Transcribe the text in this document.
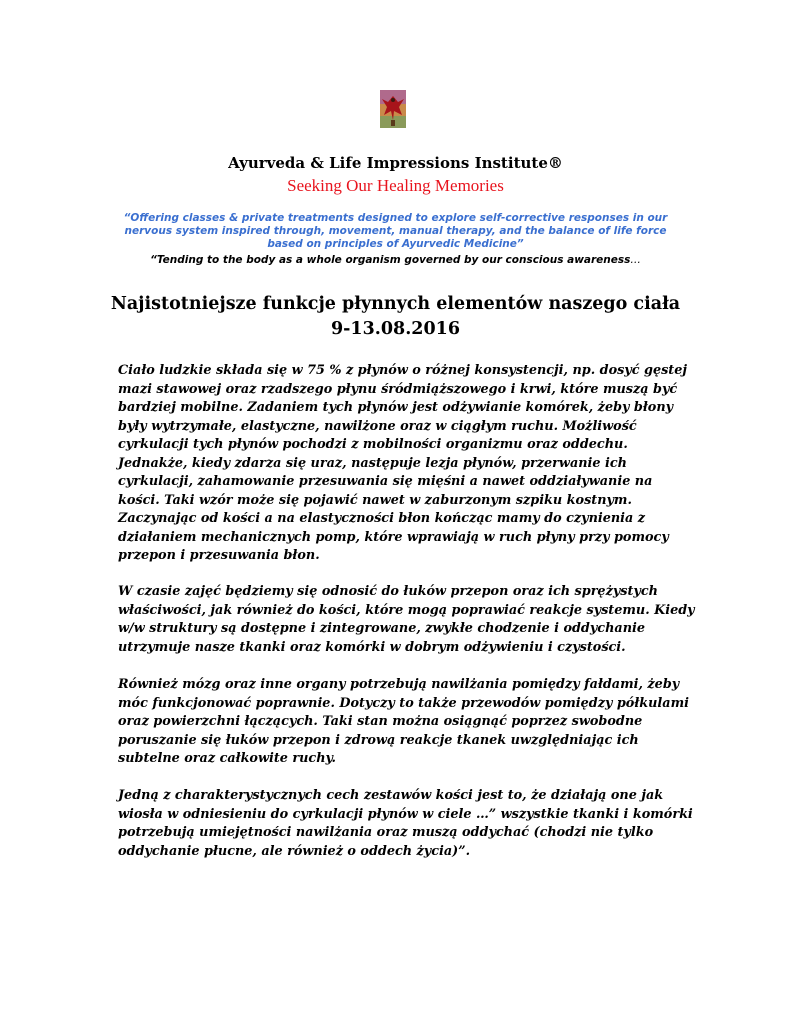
Ayurveda & Life Impressions Institute®
Seeking Our Healing Memories
“Offering classes & private treatments designed to explore self-corrective responses in our
nervous system inspired through, movement, manual therapy, and the balance of life force
based on principles of Ayurvedic Medicine”
“Tending to the body as a whole organism governed by our conscious awareness…
Najistotniejsze funkcje płynnych elementów naszego ciała
9-13.08.2016
Ciało ludzkie składa się w 75 % z płynów o różnej konsystencji, np. dosyć gęstej
mazi stawowej oraz rzadszego płynu śródmiąższowego i krwi, które muszą być
bardziej mobilne. Zadaniem tych płynów jest odżywianie komórek, żeby błony
były wytrzymałe, elastyczne, nawilżone oraz w ciągłym ruchu. Możliwość
cyrkulacji tych płynów pochodzi z mobilności organizmu oraz oddechu.
Jednakże, kiedy zdarza się uraz, następuje lezja płynów, przerwanie ich
cyrkulacji, zahamowanie przesuwania się mięśni a nawet oddziaływanie na
kości. Taki wzór może się pojawić nawet w zaburzonym szpiku kostnym.
Zaczynając od kości a na elastyczności błon kończąc mamy do czynienia z
działaniem mechanicznych pomp, które wprawiają w ruch płyny przy pomocy
przepon i przesuwania błon.
W czasie zajęć będziemy się odnosić do łuków przepon oraz ich sprężystych
właściwości, jak również do kości, które mogą poprawiać reakcje systemu. Kiedy
w/w struktury są dostępne i zintegrowane, zwykłe chodzenie i oddychanie
utrzymuje nasze tkanki oraz komórki w dobrym odżywieniu i czystości.
Również mózg oraz inne organy potrzebują nawilżania pomiędzy fałdami, żeby
móc funkcjonować poprawnie. Dotyczy to także przewodów pomiędzy półkulami
oraz powierzchni łączących. Taki stan można osiągnąć poprzez swobodne
poruszanie się łuków przepon i zdrową reakcje tkanek uwzględniając ich
subtelne oraz całkowite ruchy.
Jedną z charakterystycznych cech zestawów kości jest to, że działają one jak
wiosła w odniesieniu do cyrkulacji płynów w ciele …” wszystkie tkanki i komórki
potrzebują umiejętności nawilżania oraz muszą oddychać (chodzi nie tylko
oddychanie płucne, ale również o oddech życia)”.
